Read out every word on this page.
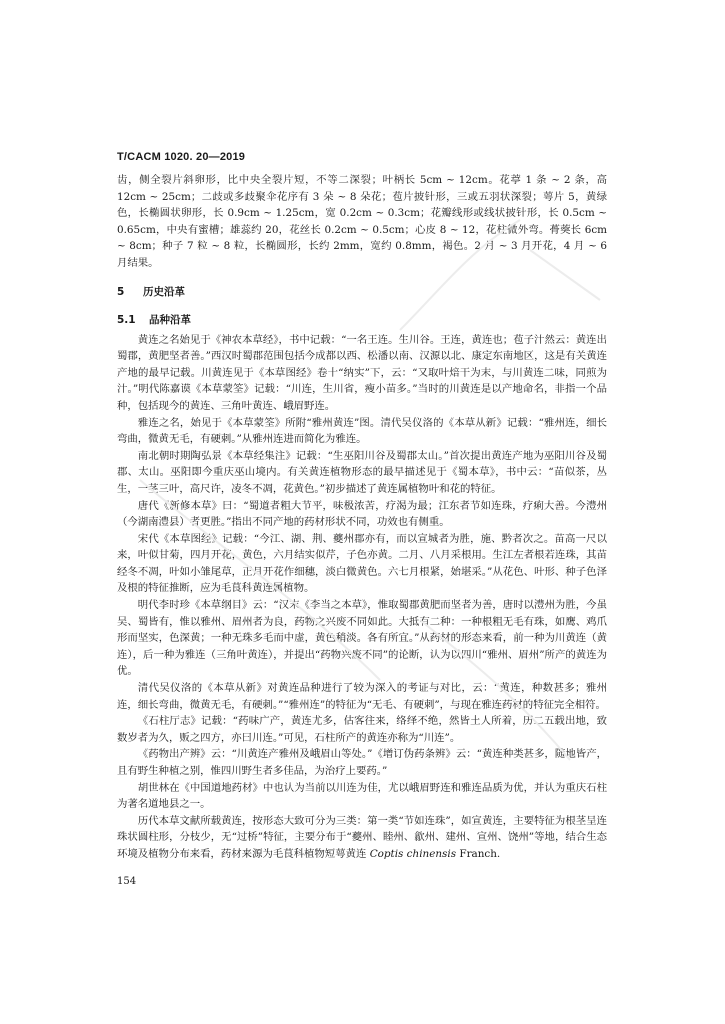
T/CACM 1020. 20—2019

齿，侧全裂片斜卵形，比中央全裂片短，不等二深裂；叶柄长 5cm ~ 12cm。花葶 1 条 ~ 2 条，高 12cm ~ 25cm；二歧或多歧聚伞花序有 3 朵 ~ 8 朵花；苞片披针形，三或五羽状深裂；萼片 5，黄绿色，长椭圆状卵形，长 0.9cm ~ 1.25cm，宽 0.2cm ~ 0.3cm；花瓣线形或线状披针形，长 0.5cm ~ 0.65cm，中央有蜜槽；雄蕊约 20，花丝长 0.2cm ~ 0.5cm；心皮 8 ~ 12，花柱微外弯。蓇葖长 6cm ~ 8cm；种子 7 粒 ~ 8 粒，长椭圆形，长约 2mm，宽约 0.8mm，褐色。2 月 ~ 3 月开花，4 月 ~ 6 月结果。

5 历史沿革
5.1 品种沿革

黄连之名始见于《神农本草经》，书中记载：“一名王连。生川谷。王连，黄连也；苞子汁然云：黄连出蜀郡，黄肥坚者善。”西汉时蜀郡范围包括今成都以西、松潘以南、汉源以北、康定东南地区，这是有关黄连产地的最早记载。川黄连见于《本草图经》卷十“纳实”下，云：“又取叶焙干为末，与川黄连二味，同煎为汁。”明代陈嘉谟《本草蒙筌》记载：“川连，生川省，瘦小苗多。”当时的川黄连是以产地命名，非指一个品种，包括现今的黄连、三角叶黄连、峨眉野连。

雅连之名，始见于《本草蒙筌》所附“雅州黄连”图。清代吴仪洛的《本草从新》记载：“雅州连，细长弯曲，微黄无毛，有硬刺。”从雅州连进而简化为雅连。

南北朝时期陶弘景《本草经集注》记载：“生巫阳川谷及蜀郡太山。”首次提出黄连产地为巫阳川谷及蜀郡、太山。巫阳即今重庆巫山境内。有关黄连植物形态的最早描述见于《蜀本草》，书中云：“苗似茶，丛生，一茎三叶，高尺许，凌冬不凋，花黄色。”初步描述了黄连属植物叶和花的特征。

唐代《新修本草》曰：“蜀道者粗大节平，味极浓苦，疗渴为最；江东者节如连珠，疗痢大善。今澧州（今湖南澧县）者更胜。”指出不同产地的药材形状不同，功效也有侧重。

宋代《本草图经》记载：“今江、湖、荆、夔州郡亦有，而以宣城者为胜，施、黔者次之。苗高一尺以来，叶似甘菊，四月开花，黄色，六月结实似芹，子色亦黄。二月、八月采根用。生江左者根若连珠，其苗经冬不凋，叶如小雏尾草，正月开花作细穗，淡白微黄色。六七月根紧，始堪采。”从花色、叶形、种子色泽及根的特征推断，应为毛茛科黄连属植物。

明代李时珍《本草纲目》云：“汉末《李当之本草》，惟取蜀郡黄肥而坚者为善，唐时以澧州为胜，今虽吴、蜀皆有，惟以雅州、眉州者为良，药物之兴废不同如此。大抵有二种：一种根粗无毛有珠，如鹰、鸡爪形而坚实，色深黄；一种无珠多毛而中虚，黄色稍淡。各有所宜。”从药材的形态来看，前一种为川黄连（黄连），后一种为雅连（三角叶黄连），并提出“药物兴废不同”的论断，认为以四川“雅州、眉州”所产的黄连为优。

清代吴仪洛的《本草从新》对黄连品种进行了较为深入的考证与对比，云：“黄连，种数甚多；雅州连，细长弯曲，微黄无毛，有硬刺。”“雅州连”的特征为“无毛、有硬刺”，与现在雅连药材的特征完全相符。

《石柱厅志》记载：“药味广产，黄连尤多，估客往来，络绎不绝，然皆土人所着，历二五载出地，致数岁者为久，贩之四方，亦曰川连。”可见，石柱所产的黄连亦称为“川连”。

《药物出产辨》云：“川黄连产雅州及峨眉山等处。”《增订伪药条辨》云：“黄连种类甚多，随地皆产，且有野生种植之别，惟四川野生者多佳品，为治疗上要药。”

胡世林在《中国道地药材》中也认为当前以川连为佳，尤以峨眉野连和雅连品质为优，并认为重庆石柱为著名道地县之一。

历代本草文献所载黄连，按形态大致可分为三类：第一类“节如连珠”，如宣黄连，主要特征为根茎呈连珠状圆柱形，分枝少，无“过桥”特征，主要分布于“夔州、睦州、歙州、建州、宣州、饶州”等地，结合生态环境及植物分布来看，药材来源为毛茛科植物短萼黄连 Coptis chinensis Franch.

154
